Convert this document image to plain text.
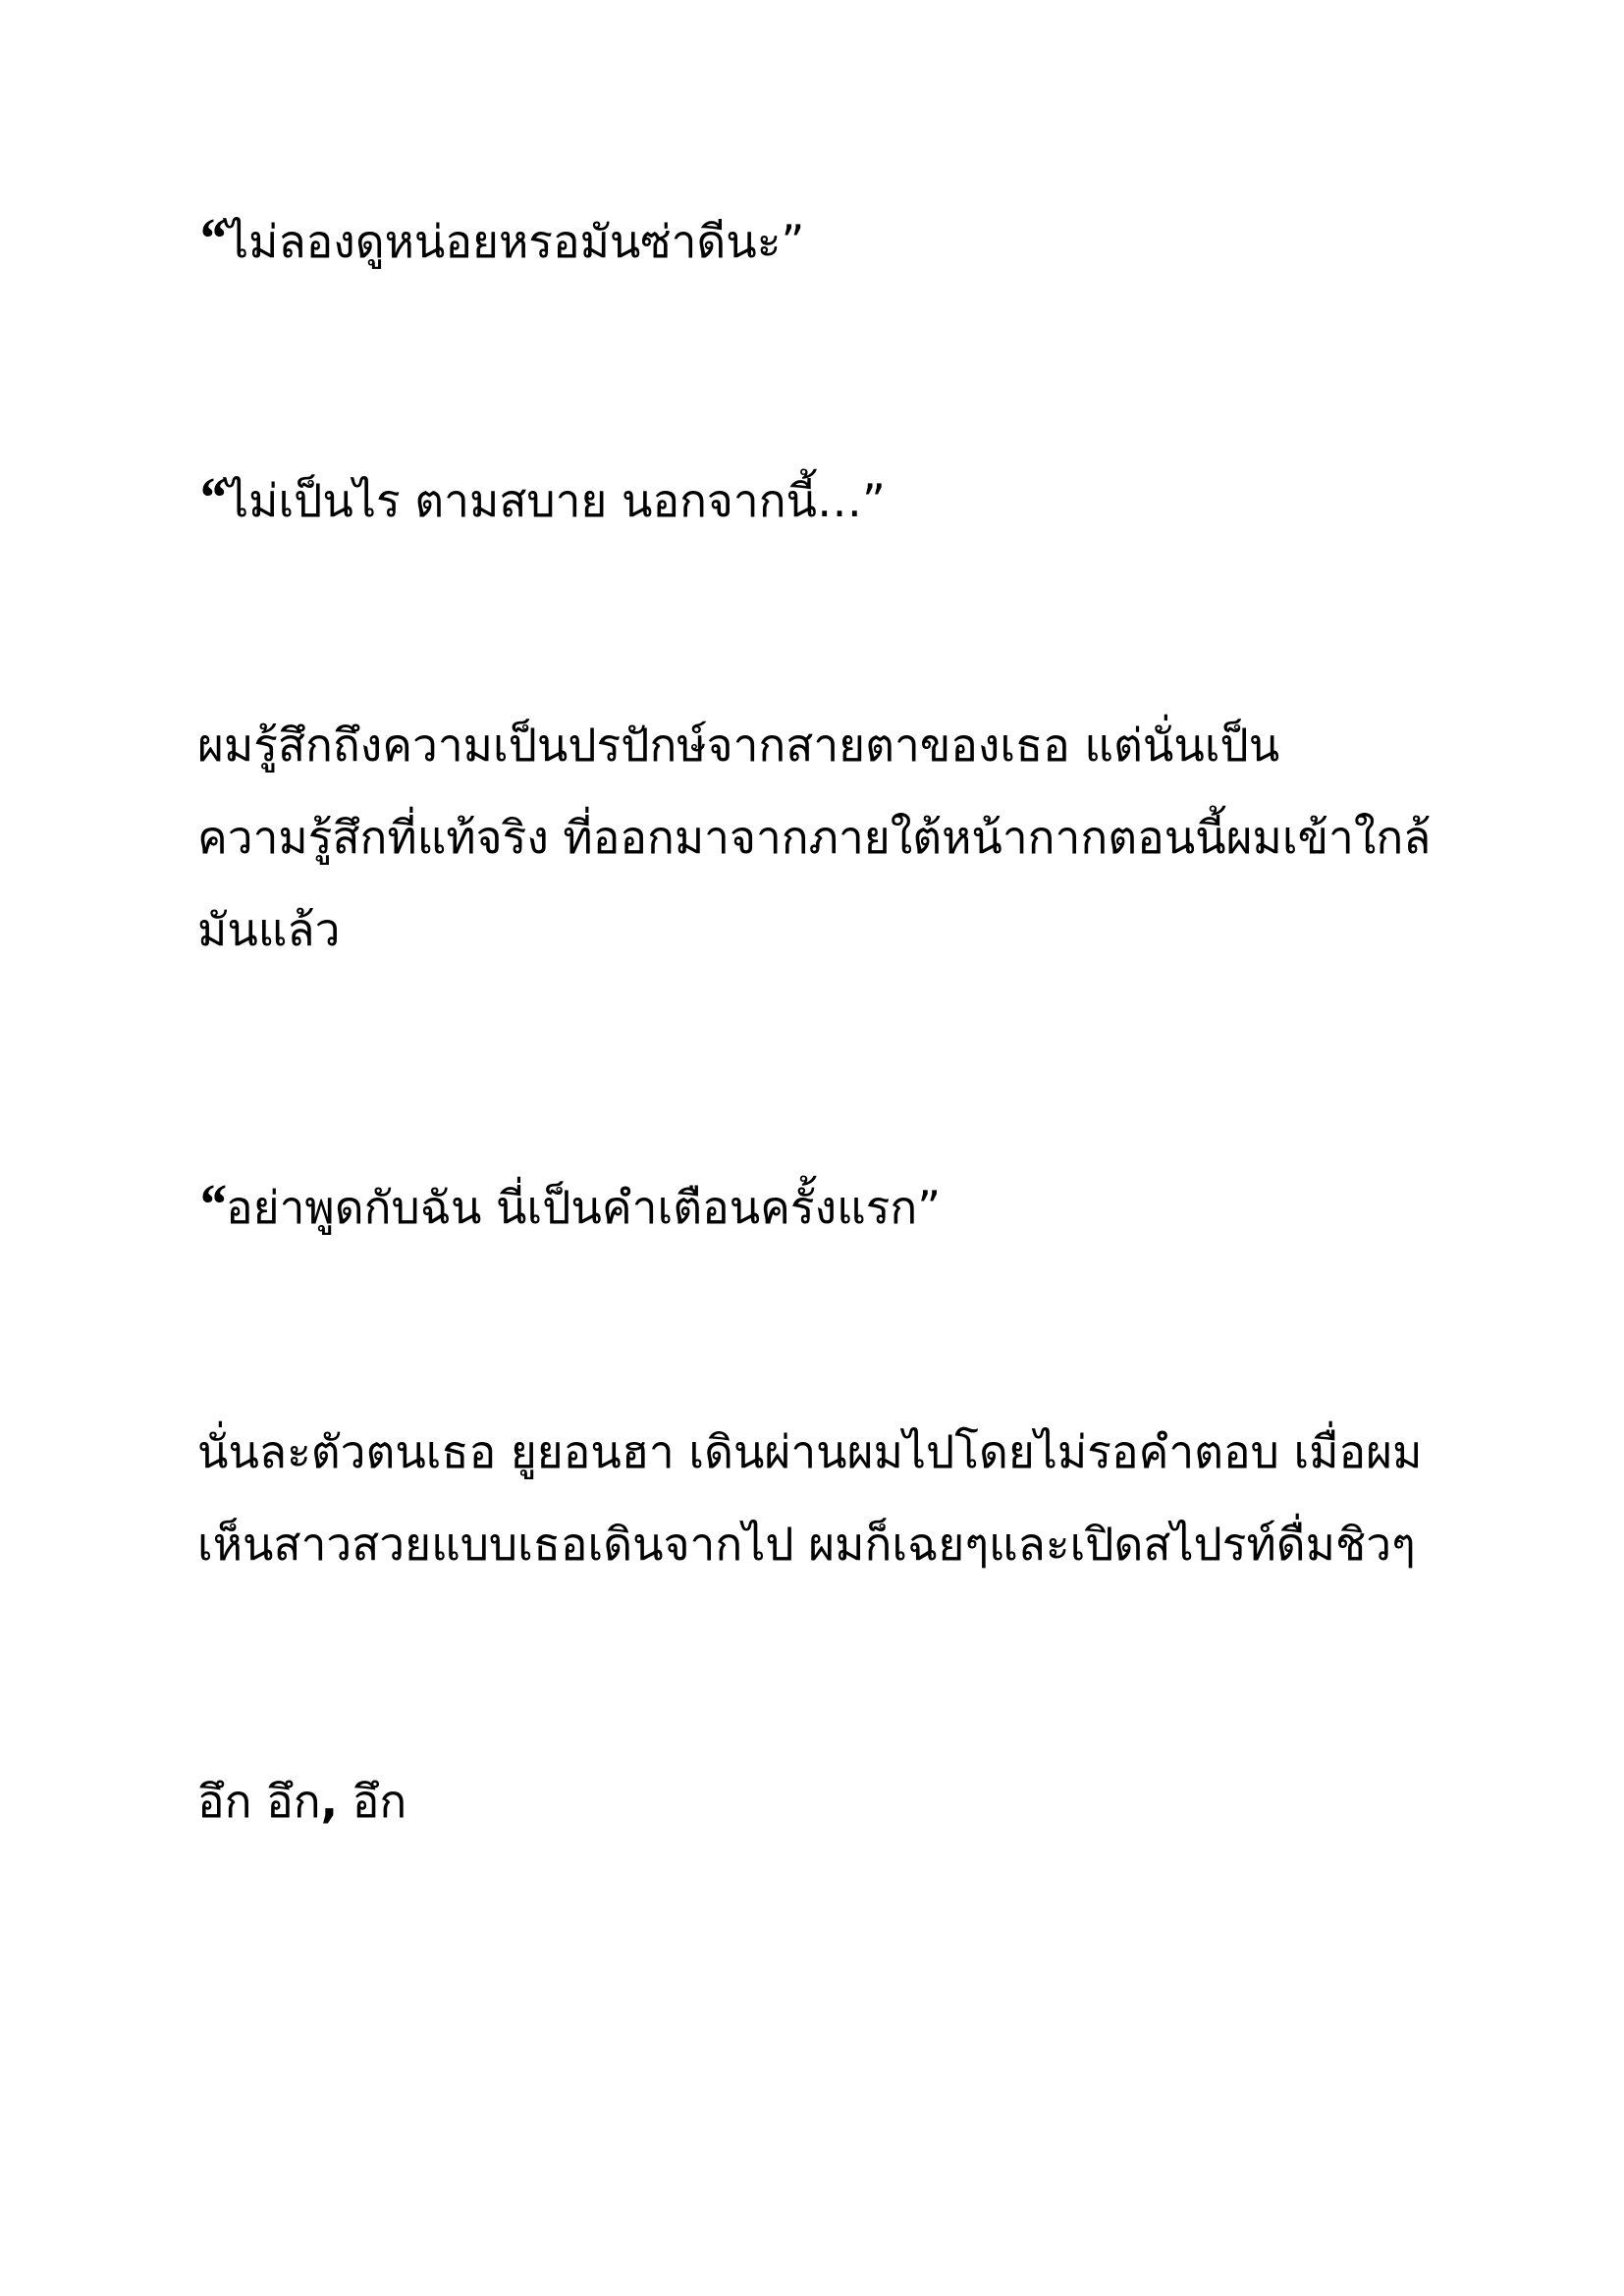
“ไม่ลองดูหน่อยหรอมันซ่าดีนะ”
“ไม่เป็นไร ตามสบาย นอกจากนี้…”
ผมรู้สึกถึงความเป็นปรปักษ์จากสายตาของเธอ แต่นั่นเป็น
ความรู้สึกที่แท้จริง ที่ออกมาจากภายใต้หน้ากากตอนนี้ผมเข้าใกล้
มันแล้ว
“อย่าพูดกับฉัน นี่เป็นคำเตือนครั้งแรก”
นั่นละตัวตนเธอ ยูยอนฮา เดินผ่านผมไปโดยไม่รอคำตอบ เมื่อผม
เห็นสาวสวยแบบเธอเดินจากไป ผมก็เฉยๆและเปิดสไปรท์ดื่มชิวๆ
อึก อึก, อึก
